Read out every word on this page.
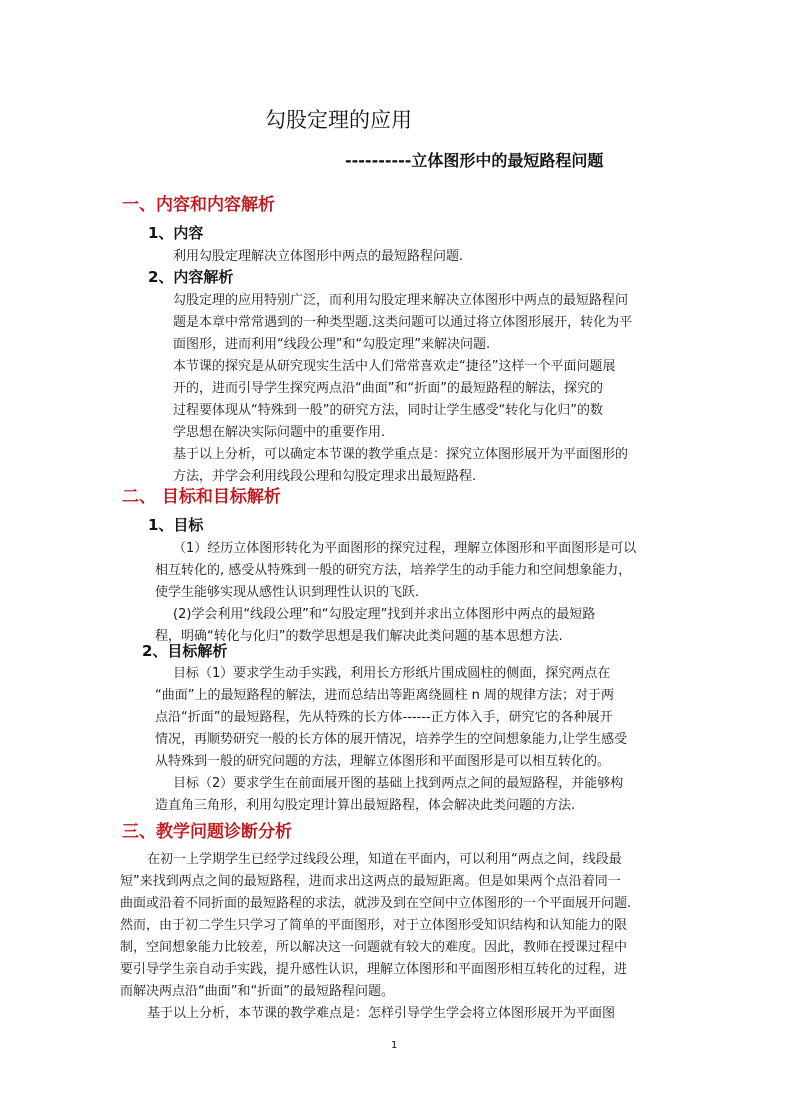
勾股定理的应用
----------立体图形中的最短路程问题
一、内容和内容解析
1、内容
利用勾股定理解决立体图形中两点的最短路程问题.
2、内容解析
勾股定理的应用特别广泛，而利用勾股定理来解决立体图形中两点的最短路程问
题是本章中常常遇到的一种类型题.这类问题可以通过将立体图形展开，转化为平
面图形，进而利用“线段公理”和“勾股定理”来解决问题.
本节课的探究是从研究现实生活中人们常常喜欢走“捷径”这样一个平面问题展
开的，进而引导学生探究两点沿“曲面”和“折面”的最短路程的解法，探究的
过程要体现从“特殊到一般”的研究方法，同时让学生感受“转化与化归”的数
学思想在解决实际问题中的重要作用.
基于以上分析，可以确定本节课的教学重点是：探究立体图形展开为平面图形的
方法，并学会利用线段公理和勾股定理求出最短路程.
二、 目标和目标解析
1、目标
（1）经历立体图形转化为平面图形的探究过程，理解立体图形和平面图形是可以
相互转化的, 感受从特殊到一般的研究方法，培养学生的动手能力和空间想象能力，
使学生能够实现从感性认识到理性认识的飞跃.
(2)学会利用“线段公理”和“勾股定理”找到并求出立体图形中两点的最短路
程，明确“转化与化归”的数学思想是我们解决此类问题的基本思想方法.
2、目标解析
目标（1）要求学生动手实践，利用长方形纸片围成圆柱的侧面，探究两点在
“曲面”上的最短路程的解法，进而总结出等距离绕圆柱 n 周的规律方法；对于两
点沿“折面”的最短路程，先从特殊的长方体------正方体入手，研究它的各种展开
情况，再顺势研究一般的长方体的展开情况，培养学生的空间想象能力,让学生感受
从特殊到一般的研究问题的方法，理解立体图形和平面图形是可以相互转化的。
目标（2）要求学生在前面展开图的基础上找到两点之间的最短路程，并能够构
造直角三角形，利用勾股定理计算出最短路程，体会解决此类问题的方法.
三、教学问题诊断分析
在初一上学期学生已经学过线段公理，知道在平面内，可以利用“两点之间，线段最
短”来找到两点之间的最短路程，进而求出这两点的最短距离。但是如果两个点沿着同一
曲面或沿着不同折面的最短路程的求法，就涉及到在空间中立体图形的一个平面展开问题.
然而，由于初二学生只学习了简单的平面图形，对于立体图形受知识结构和认知能力的限
制，空间想象能力比较差，所以解决这一问题就有较大的难度。因此，教师在授课过程中
要引导学生亲自动手实践，提升感性认识，理解立体图形和平面图形相互转化的过程，进
而解决两点沿“曲面”和“折面”的最短路程问题。
基于以上分析，本节课的教学难点是：怎样引导学生学会将立体图形展开为平面图
1
